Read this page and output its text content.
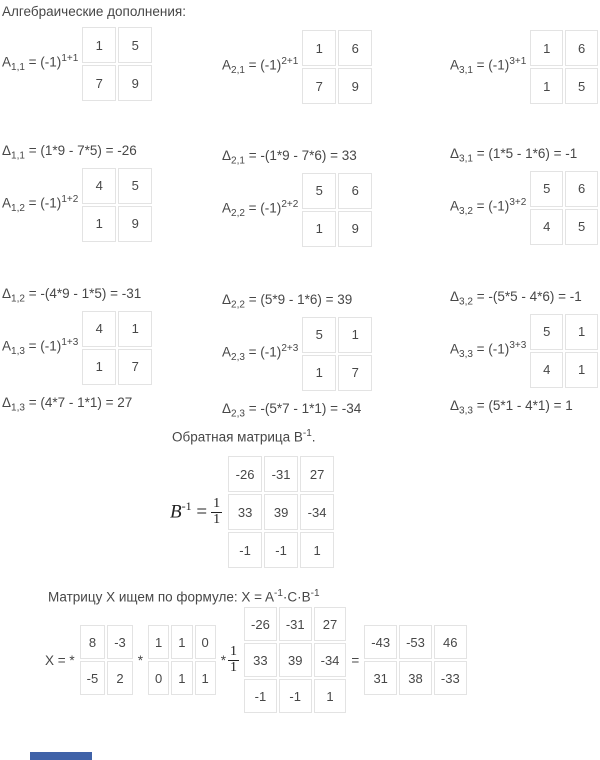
Алгебраические дополнения:
$A_{1,1} = (-1)^{1+1}$
1	5
7	9
$A_{2,1} = (-1)^{2+1}$
1	6
7	9
$A_{3,1} = (-1)^{3+1}$
1	6
1	5
$\Delta_{1,1} = (1*9 - 7*5) = -26$
$A_{1,2} = (-1)^{1+2}$
4	5
1	9
$\Delta_{2,1} = -(1*9 - 7*6) = 33$
$A_{2,2} = (-1)^{2+2}$
5	6
1	9
$\Delta_{3,1} = (1*5 - 1*6) = -1$
$A_{3,2} = (-1)^{3+2}$
5	6
4	5
$\Delta_{1,2} = -(4*9 - 1*5) = -31$
$A_{1,3} = (-1)^{1+3}$
4	1
1	7
$\Delta_{1,3} = (4*7 - 1*1) = 27$
$\Delta_{2,2} = (5*9 - 1*6) = 39$
$A_{2,3} = (-1)^{2+3}$
5	1
1	7
$\Delta_{2,3} = -(5*7 - 1*1) = -34$
$\Delta_{3,2} = -(5*5 - 4*6) = -1$
$A_{3,3} = (-1)^{3+3}$
5	1
4	1
$\Delta_{3,3} = (5*1 - 4*1) = 1$
Обратная матрица $B^{-1}$.
$B^{-1} = \frac{1}{1}$
-26	-31	27
33	39	-34
-1	-1	1
Матрицу X ищем по формуле: $X = A^{-1}\cdot C\cdot B^{-1}$
X = *
8	-3
-5	2
*
1	1	0
0	1	1
* $\frac{1}{1}$
-26	-31	27
33	39	-34
-1	-1	1
=
-43	-53	46
31	38	-33
